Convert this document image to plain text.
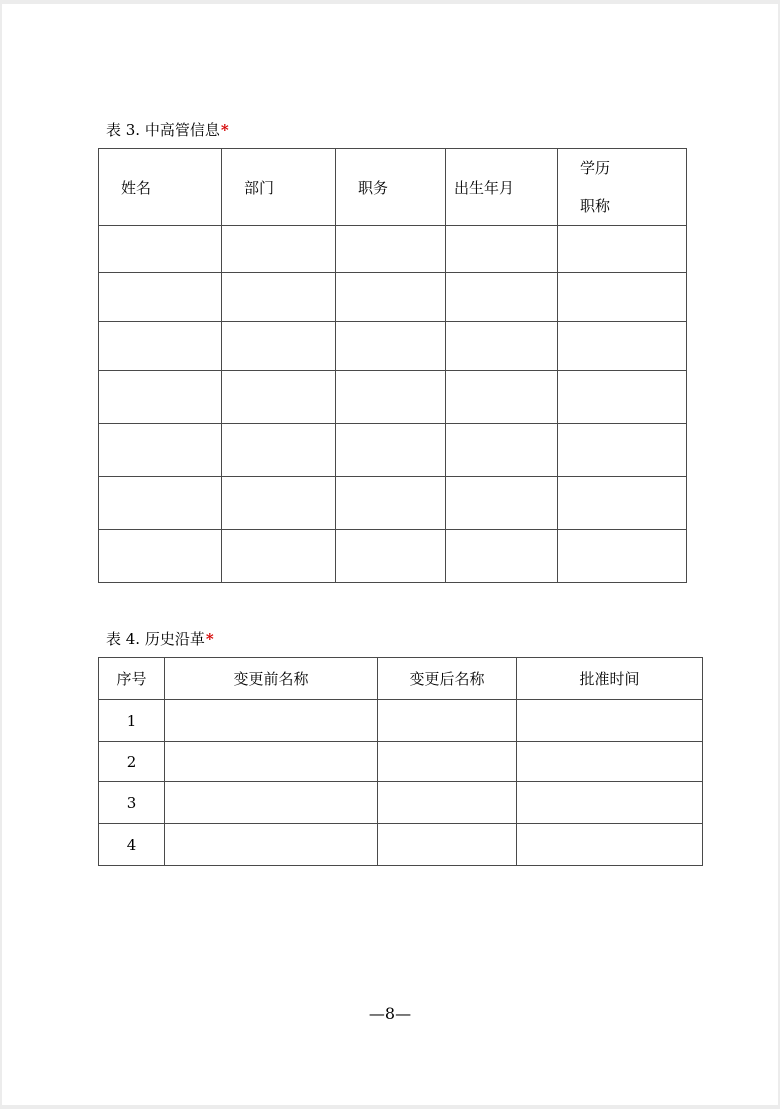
表 3. 中高管信息*
姓名	部门	职务	出生年月	学历
职称

表 4. 历史沿革*
序号	变更前名称	变更后名称	批准时间
1			
2			
3			
4			
—8—
